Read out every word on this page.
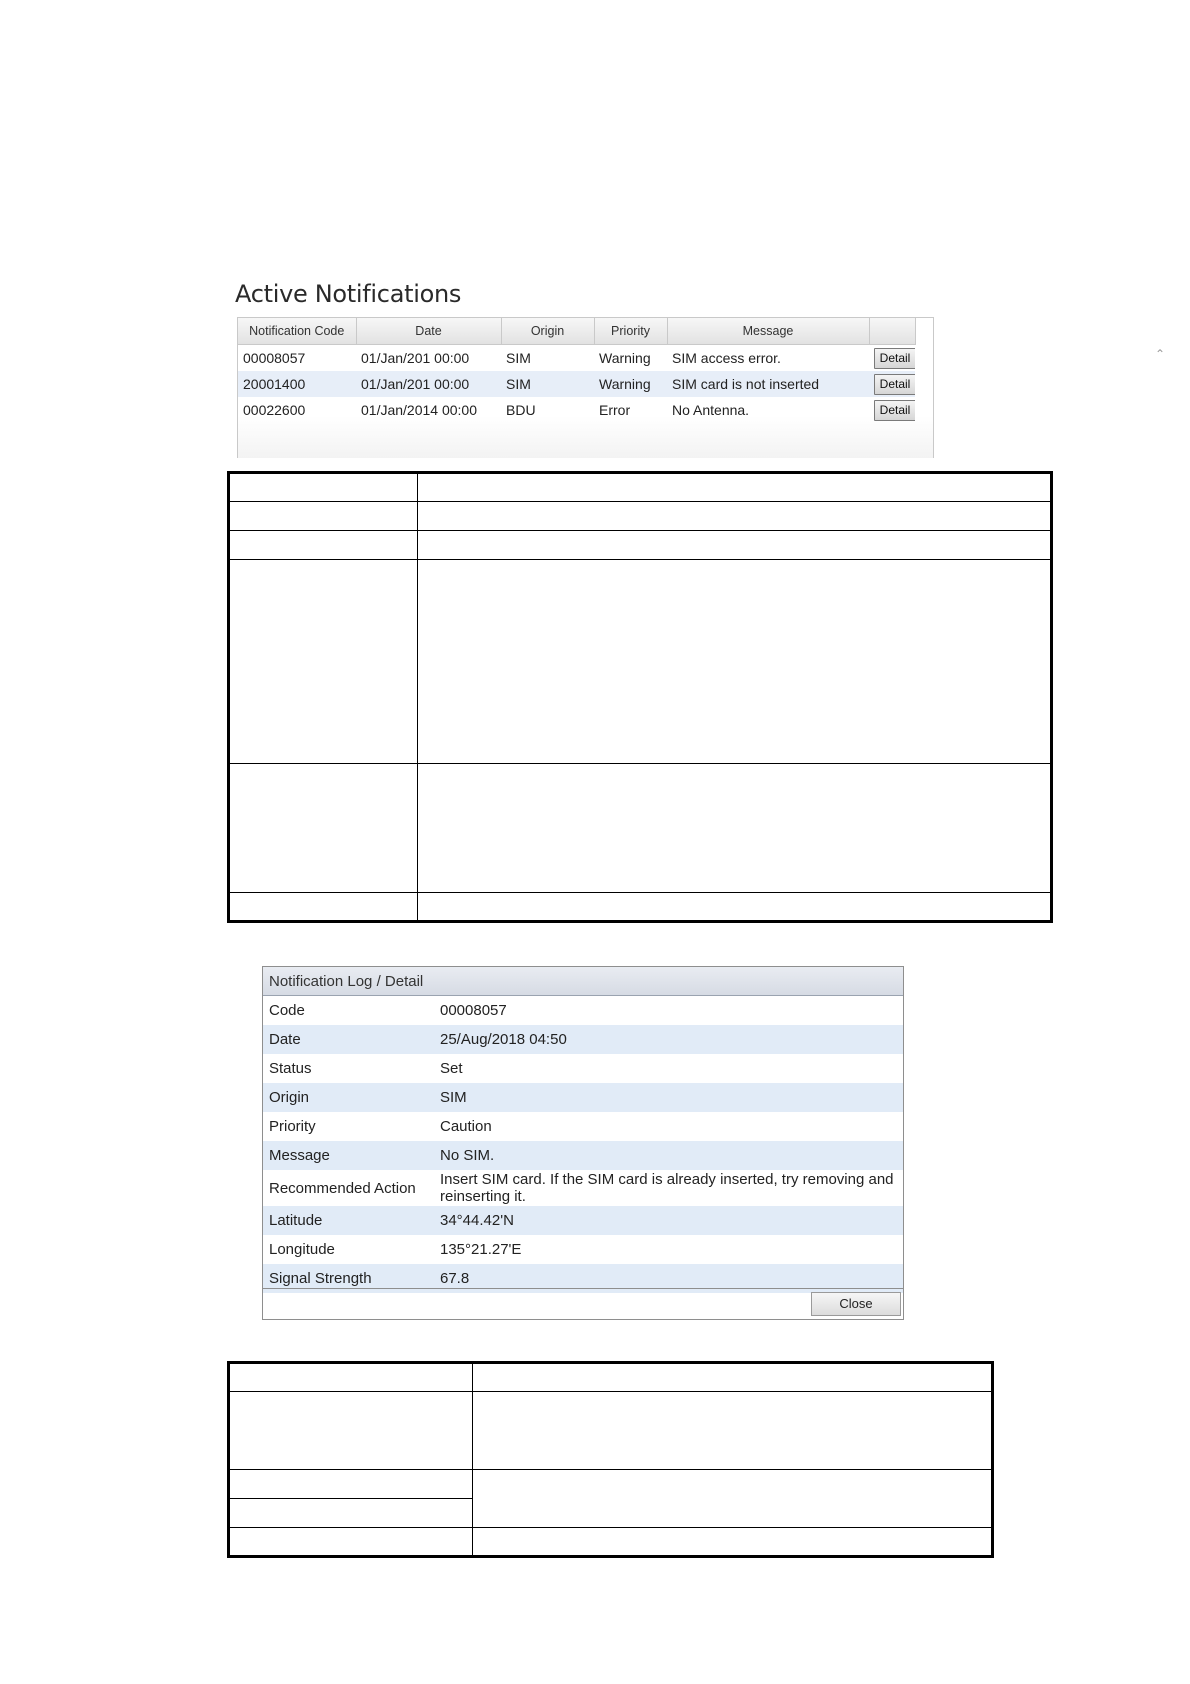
Active Notifications
Notification Code	Date	Origin	Priority	Message	
00008057	01/Jan/201 00:00	SIM	Warning	SIM access error.	Detail
20001400	01/Jan/201 00:00	SIM	Warning	SIM card is not inserted	Detail
00022600	01/Jan/2014 00:00	BDU	Error	No Antenna.	Detail
⌃

Notification Log / Detail
Code	00008057
Date	25/Aug/2018 04:50
Status	Set
Origin	SIM
Priority	Caution
Message	No SIM.
Recommended Action	Insert SIM card. If the SIM card is already inserted, try removing and reinserting it.
Latitude	34°44.42'N
Longitude	135°21.27'E
Signal Strength	67.8
Close
